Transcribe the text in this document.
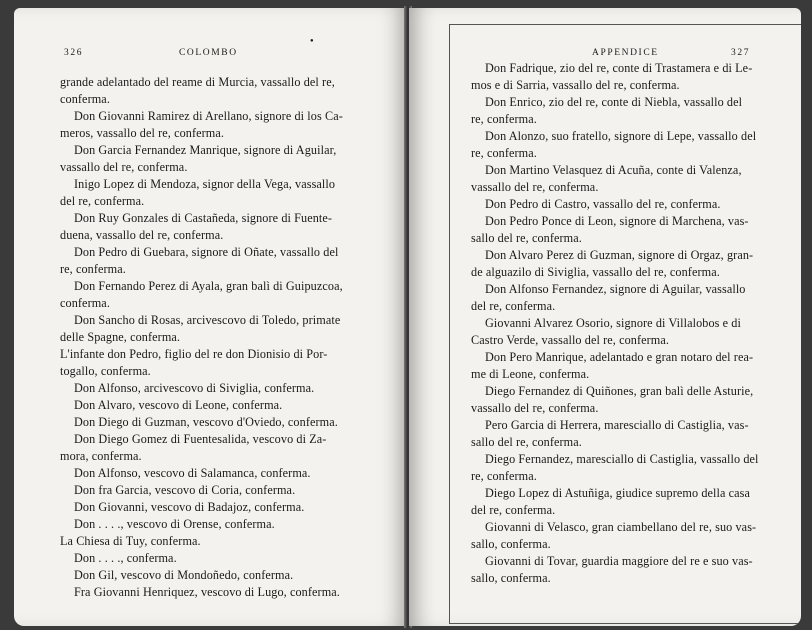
326	COLOMBO
●
grande adelantado del reame di Murcia, vassallo del re,
conferma.
Don Giovanni Ramirez di Arellano, signore di los Ca-
meros, vassallo del re, conferma.
Don Garcia Fernandez Manrique, signore di Aguilar,
vassallo del re, conferma.
Inigo Lopez di Mendoza, signor della Vega, vassallo
del re, conferma.
Don Ruy Gonzales di Castañeda, signore di Fuente-
duena, vassallo del re, conferma.
Don Pedro di Guebara, signore di Oñate, vassallo del
re, conferma.
Don Fernando Perez di Ayala, gran balì di Guipuzcoa,
conferma.
Don Sancho di Rosas, arcivescovo di Toledo, primate
delle Spagne, conferma.
L'infante don Pedro, figlio del re don Dionisio di Por-
togallo, conferma.
Don Alfonso, arcivescovo di Siviglia, conferma.
Don Alvaro, vescovo di Leone, conferma.
Don Diego di Guzman, vescovo d'Oviedo, conferma.
Don Diego Gomez di Fuentesalida, vescovo di Za-
mora, conferma.
Don Alfonso, vescovo di Salamanca, conferma.
Don fra Garcia, vescovo di Coria, conferma.
Don Giovanni, vescovo di Badajoz, conferma.
Don . . . ., vescovo di Orense, conferma.
La Chiesa di Tuy, conferma.
Don . . . ., conferma.
Don Gil, vescovo di Mondoñedo, conferma.
Fra Giovanni Henriquez, vescovo di Lugo, conferma.
APPENDICE	327
Don Fadrique, zio del re, conte di Trastamera e di Le-
mos e di Sarria, vassallo del re, conferma.
Don Enrico, zio del re, conte di Niebla, vassallo del
re, conferma.
Don Alonzo, suo fratello, signore di Lepe, vassallo del
re, conferma.
Don Martino Velasquez di Acuña, conte di Valenza,
vassallo del re, conferma.
Don Pedro di Castro, vassallo del re, conferma.
Don Pedro Ponce di Leon, signore di Marchena, vas-
sallo del re, conferma.
Don Alvaro Perez di Guzman, signore di Orgaz, gran-
de alguazilo di Siviglia, vassallo del re, conferma.
Don Alfonso Fernandez, signore di Aguilar, vassallo
del re, conferma.
Giovanni Alvarez Osorio, signore di Villalobos e di
Castro Verde, vassallo del re, conferma.
Don Pero Manrique, adelantado e gran notaro del rea-
me di Leone, conferma.
Diego Fernandez di Quiñones, gran balì delle Asturie,
vassallo del re, conferma.
Pero Garcia di Herrera, maresciallo di Castiglia, vas-
sallo del re, conferma.
Diego Fernandez, maresciallo di Castiglia, vassallo del
re, conferma.
Diego Lopez di Astuñiga, giudice supremo della casa
del re, conferma.
Giovanni di Velasco, gran ciambellano del re, suo vas-
sallo, conferma.
Giovanni di Tovar, guardia maggiore del re e suo vas-
sallo, conferma.
